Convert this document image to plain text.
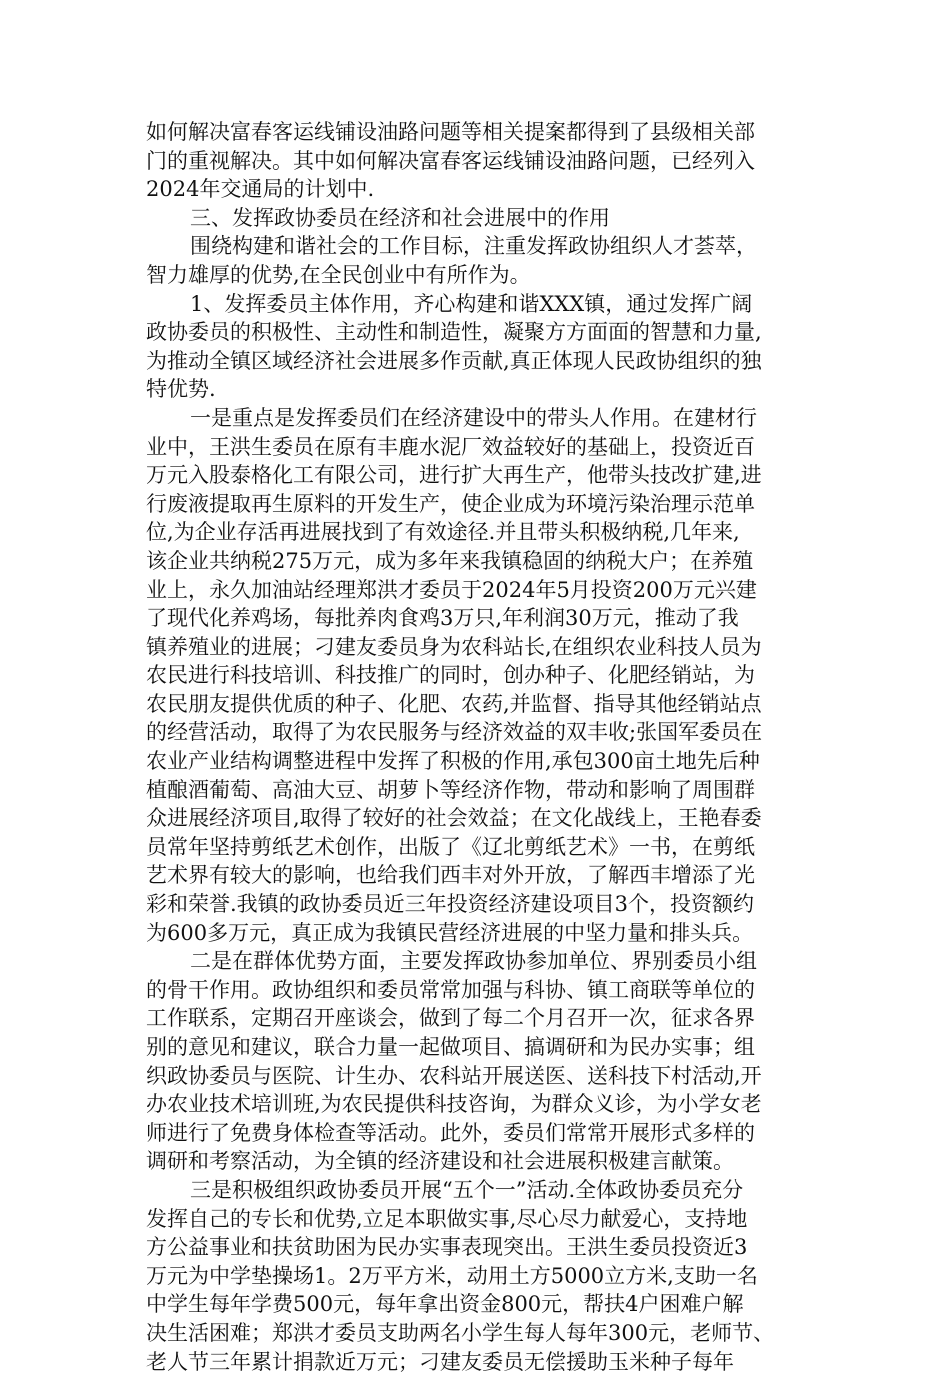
如何解决富春客运线铺设油路问题等相关提案都得到了县级相关部
门的重视解决。其中如何解决富春客运线铺设油路问题，已经列入
2024年交通局的计划中.
三、发挥政协委员在经济和社会进展中的作用
围绕构建和谐社会的工作目标，注重发挥政协组织人才荟萃，
智力雄厚的优势,在全民创业中有所作为。
1、发挥委员主体作用，齐心构建和谐XXX镇，通过发挥广阔
政协委员的积极性、主动性和制造性，凝聚方方面面的智慧和力量,
为推动全镇区域经济社会进展多作贡献,真正体现人民政协组织的独
特优势.
一是重点是发挥委员们在经济建设中的带头人作用。在建材行
业中，王洪生委员在原有丰鹿水泥厂效益较好的基础上，投资近百
万元入股泰格化工有限公司，进行扩大再生产，他带头技改扩建,进
行废液提取再生原料的开发生产，使企业成为环境污染治理示范单
位,为企业存活再进展找到了有效途径.并且带头积极纳税,几年来,
该企业共纳税275万元，成为多年来我镇稳固的纳税大户；在养殖
业上，永久加油站经理郑洪才委员于2024年5月投资200万元兴建
了现代化养鸡场，每批养肉食鸡3万只,年利润30万元，推动了我
镇养殖业的进展；刁建友委员身为农科站长,在组织农业科技人员为
农民进行科技培训、科技推广的同时，创办种子、化肥经销站，为
农民朋友提供优质的种子、化肥、农药,并监督、指导其他经销站点
的经营活动，取得了为农民服务与经济效益的双丰收;张国军委员在
农业产业结构调整进程中发挥了积极的作用,承包300亩土地先后种
植酿酒葡萄、高油大豆、胡萝卜等经济作物，带动和影响了周围群
众进展经济项目,取得了较好的社会效益；在文化战线上，王艳春委
员常年坚持剪纸艺术创作，出版了《辽北剪纸艺术》一书，在剪纸
艺术界有较大的影响，也给我们西丰对外开放，了解西丰增添了光
彩和荣誉.我镇的政协委员近三年投资经济建设项目3个，投资额约
为600多万元，真正成为我镇民营经济进展的中坚力量和排头兵。
二是在群体优势方面，主要发挥政协参加单位、界别委员小组
的骨干作用。政协组织和委员常常加强与科协、镇工商联等单位的
工作联系，定期召开座谈会，做到了每二个月召开一次，征求各界
别的意见和建议，联合力量一起做项目、搞调研和为民办实事；组
织政协委员与医院、计生办、农科站开展送医、送科技下村活动,开
办农业技术培训班,为农民提供科技咨询，为群众义诊，为小学女老
师进行了免费身体检查等活动。此外，委员们常常开展形式多样的
调研和考察活动，为全镇的经济建设和社会进展积极建言献策。
三是积极组织政协委员开展“五个一”活动.全体政协委员充分
发挥自己的专长和优势,立足本职做实事,尽心尽力献爱心，支持地
方公益事业和扶贫助困为民办实事表现突出。王洪生委员投资近3
万元为中学垫操场1。2万平方米，动用土方5000立方米,支助一名
中学生每年学费500元，每年拿出资金800元，帮扶4户困难户解
决生活困难；郑洪才委员支助两名小学生每人每年300元，老师节、
老人节三年累计捐款近万元；刁建友委员无偿援助玉米种子每年
